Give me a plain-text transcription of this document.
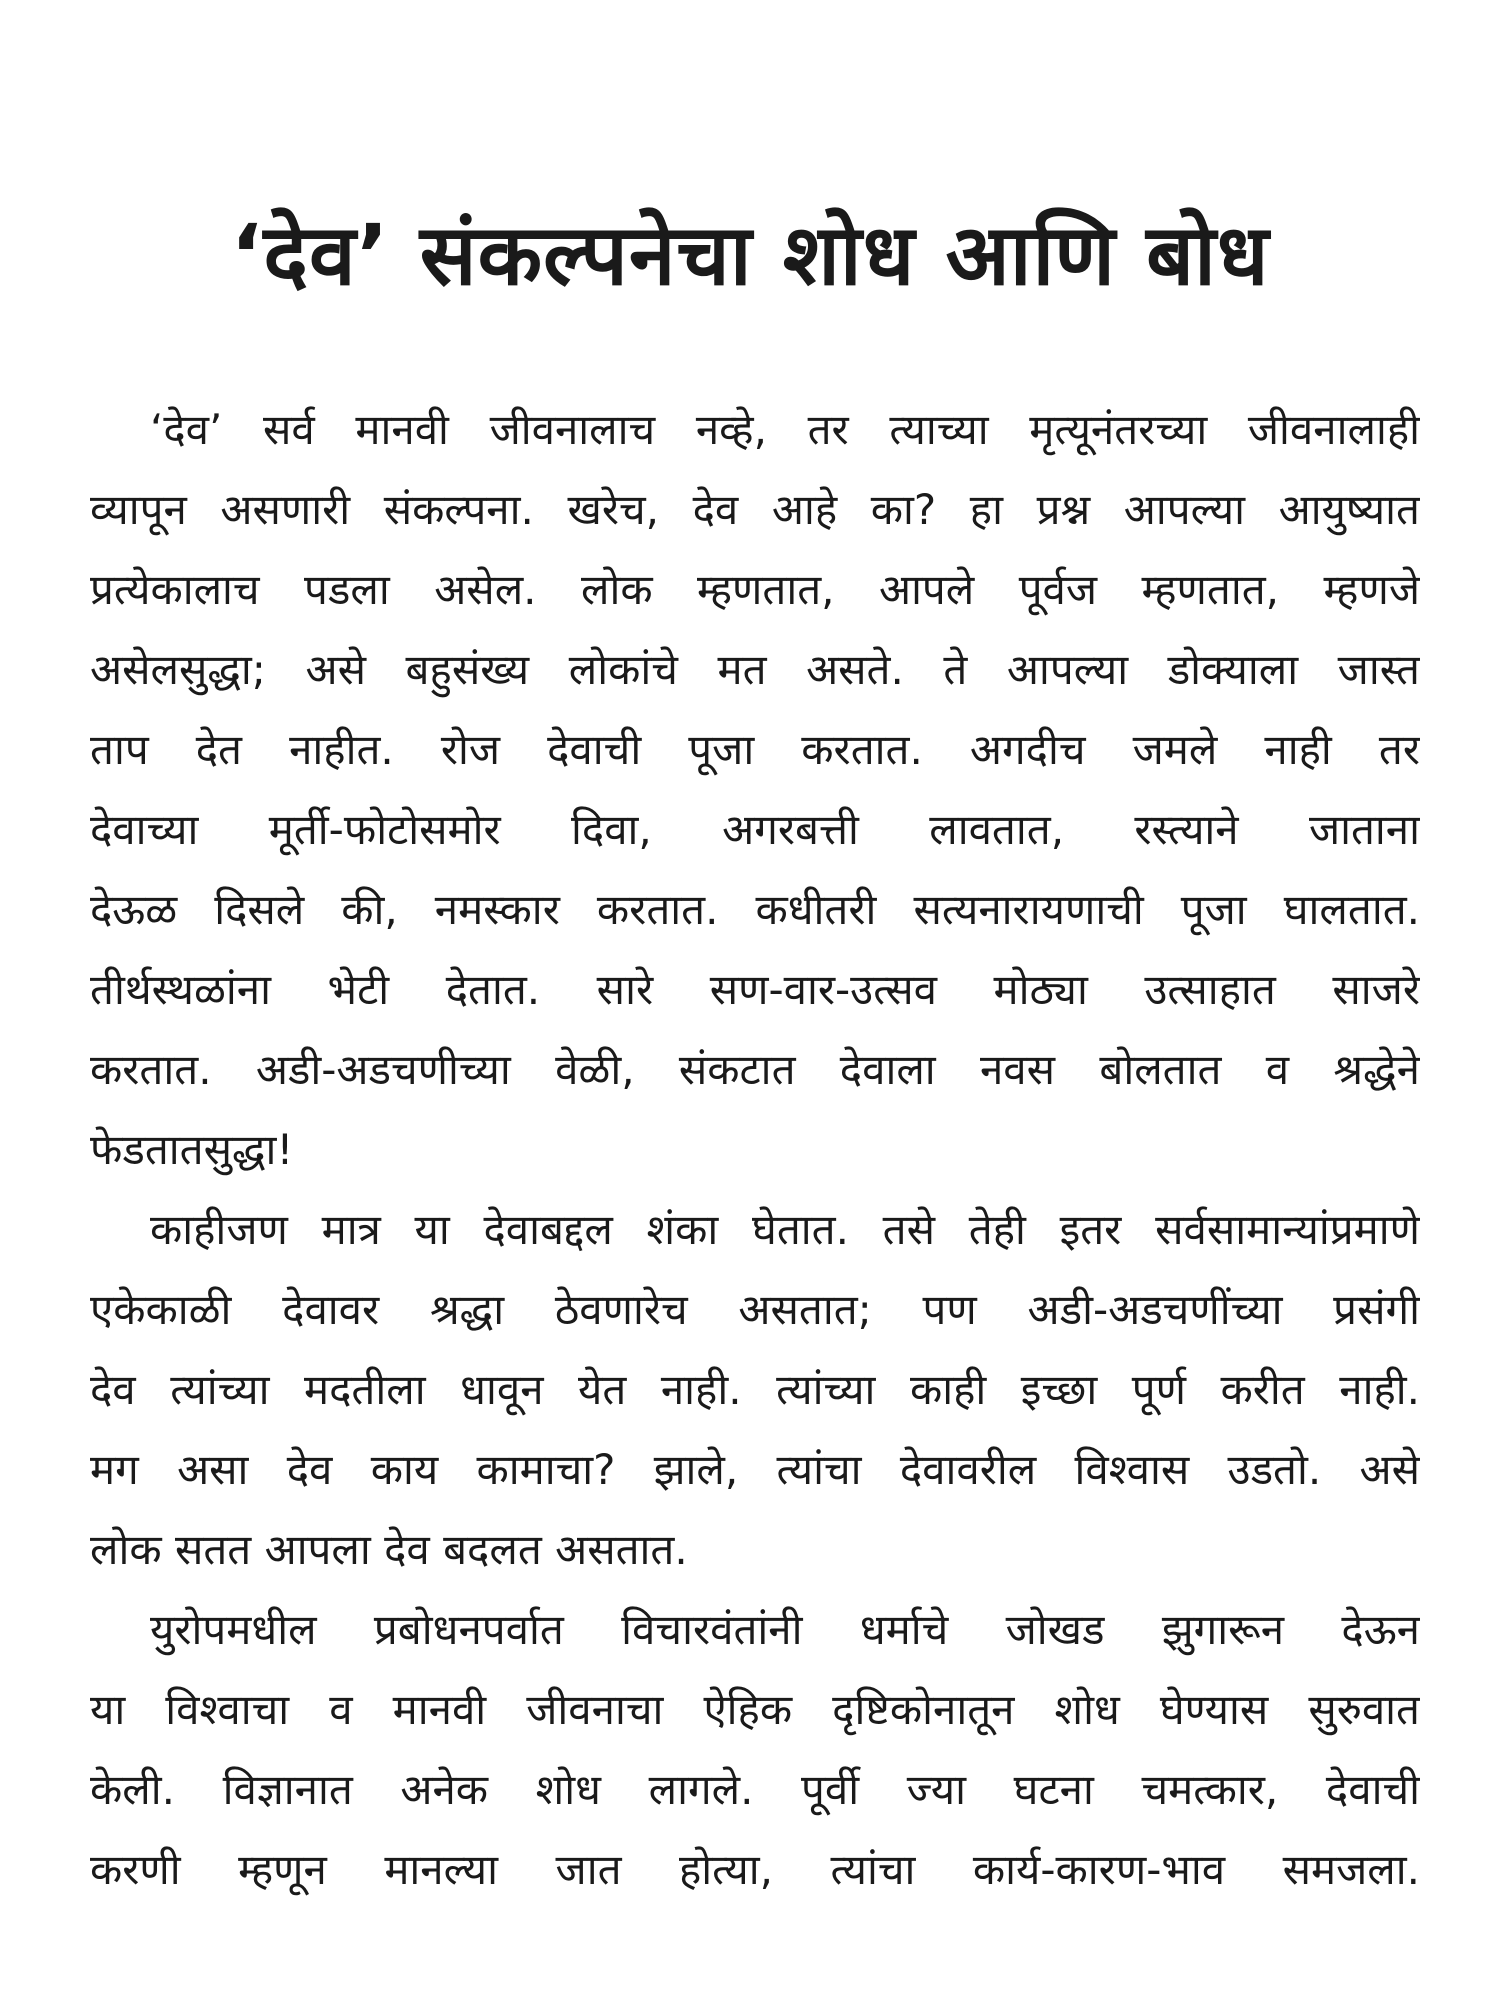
‘देव’ संकल्पनेचा शोध आणि बोध

‘देव’ सर्व मानवी जीवनालाच नव्हे, तर त्याच्या मृत्यूनंतरच्या जीवनालाही
व्यापून असणारी संकल्पना. खरेच, देव आहे का? हा प्रश्न आपल्या आयुष्यात
प्रत्येकालाच पडला असेल. लोक म्हणतात, आपले पूर्वज म्हणतात, म्हणजे
असेलसुद्धा; असे बहुसंख्य लोकांचे मत असते. ते आपल्या डोक्याला जास्त
ताप देत नाहीत. रोज देवाची पूजा करतात. अगदीच जमले नाही तर
देवाच्या मूर्ती-फोटोसमोर दिवा, अगरबत्ती लावतात, रस्त्याने जाताना
देऊळ दिसले की, नमस्कार करतात. कधीतरी सत्यनारायणाची पूजा घालतात.
तीर्थस्थळांना भेटी देतात. सारे सण-वार-उत्सव मोठ्या उत्साहात साजरे
करतात. अडी-अडचणीच्या वेळी, संकटात देवाला नवस बोलतात व श्रद्धेने
फेडतातसुद्धा!

काहीजण मात्र या देवाबद्दल शंका घेतात. तसे तेही इतर सर्वसामान्यांप्रमाणे
एकेकाळी देवावर श्रद्धा ठेवणारेच असतात; पण अडी-अडचणींच्या प्रसंगी
देव त्यांच्या मदतीला धावून येत नाही. त्यांच्या काही इच्छा पूर्ण करीत नाही.
मग असा देव काय कामाचा? झाले, त्यांचा देवावरील विश्वास उडतो. असे
लोक सतत आपला देव बदलत असतात.

युरोपमधील प्रबोधनपर्वात विचारवंतांनी धर्माचे जोखड झुगारून देऊन
या विश्वाचा व मानवी जीवनाचा ऐहिक दृष्टिकोनातून शोध घेण्यास सुरुवात
केली. विज्ञानात अनेक शोध लागले. पूर्वी ज्या घटना चमत्कार, देवाची
करणी म्हणून मानल्या जात होत्या, त्यांचा कार्य-कारण-भाव समजला.
